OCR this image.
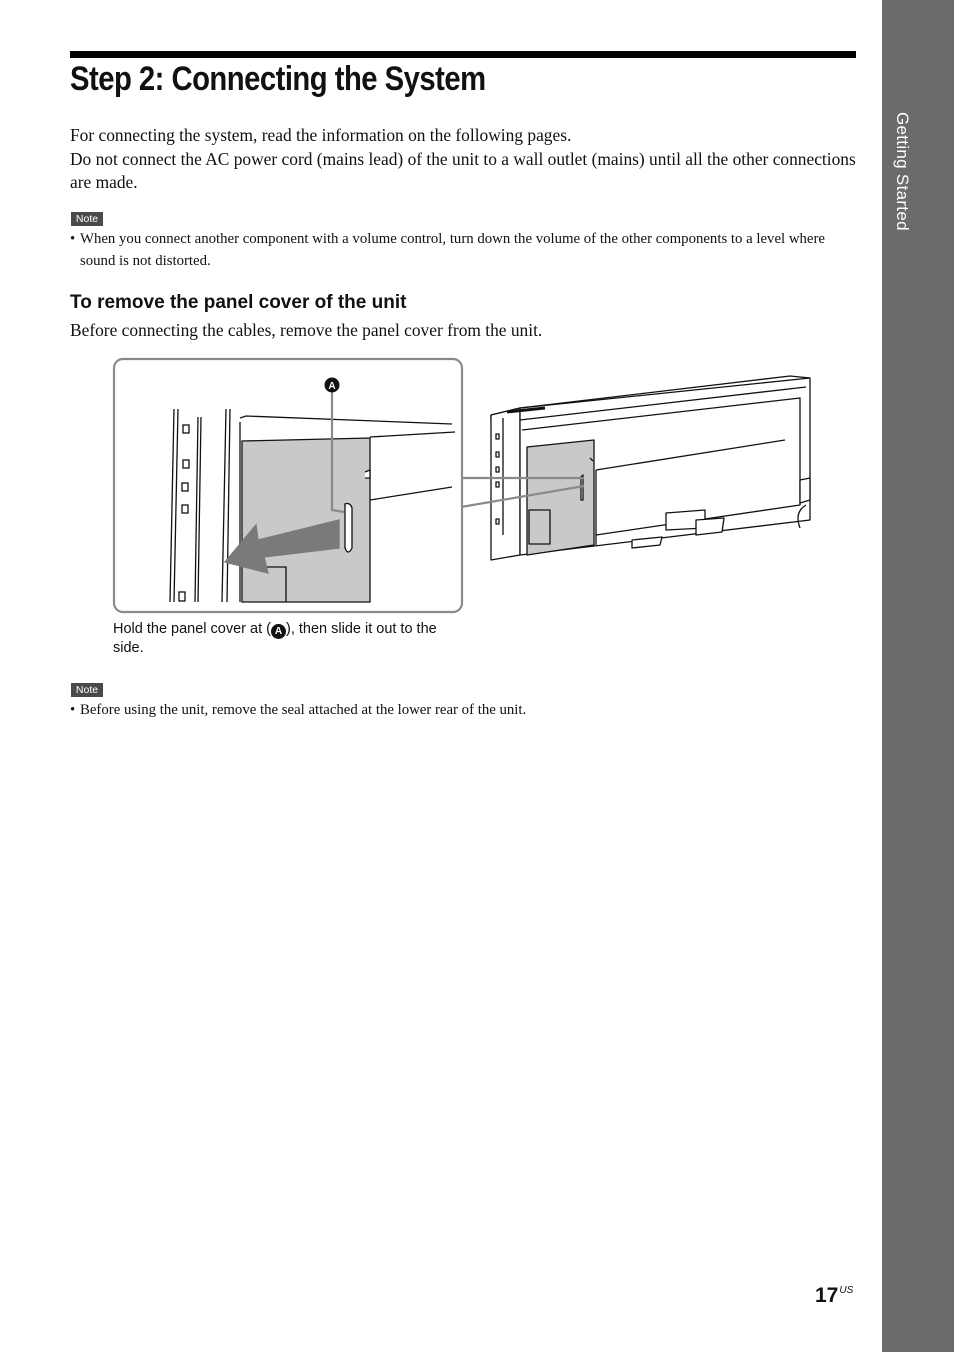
Getting Started
Step 2: Connecting the System

For connecting the system, read the information on the following pages.

Do not connect the AC power cord (mains lead) of the unit to a wall outlet (mains) until all the other connections are made.

Note

• When you connect another component with a volume control, turn down the volume of the other components to a level where sound is not distorted.

To remove the panel cover of the unit

Before connecting the cables, remove the panel cover from the unit.

A

Hold the panel cover at ( A ), then slide it out to the side.

Note

• Before using the unit, remove the seal attached at the lower rear of the unit.

$17^{US}$
